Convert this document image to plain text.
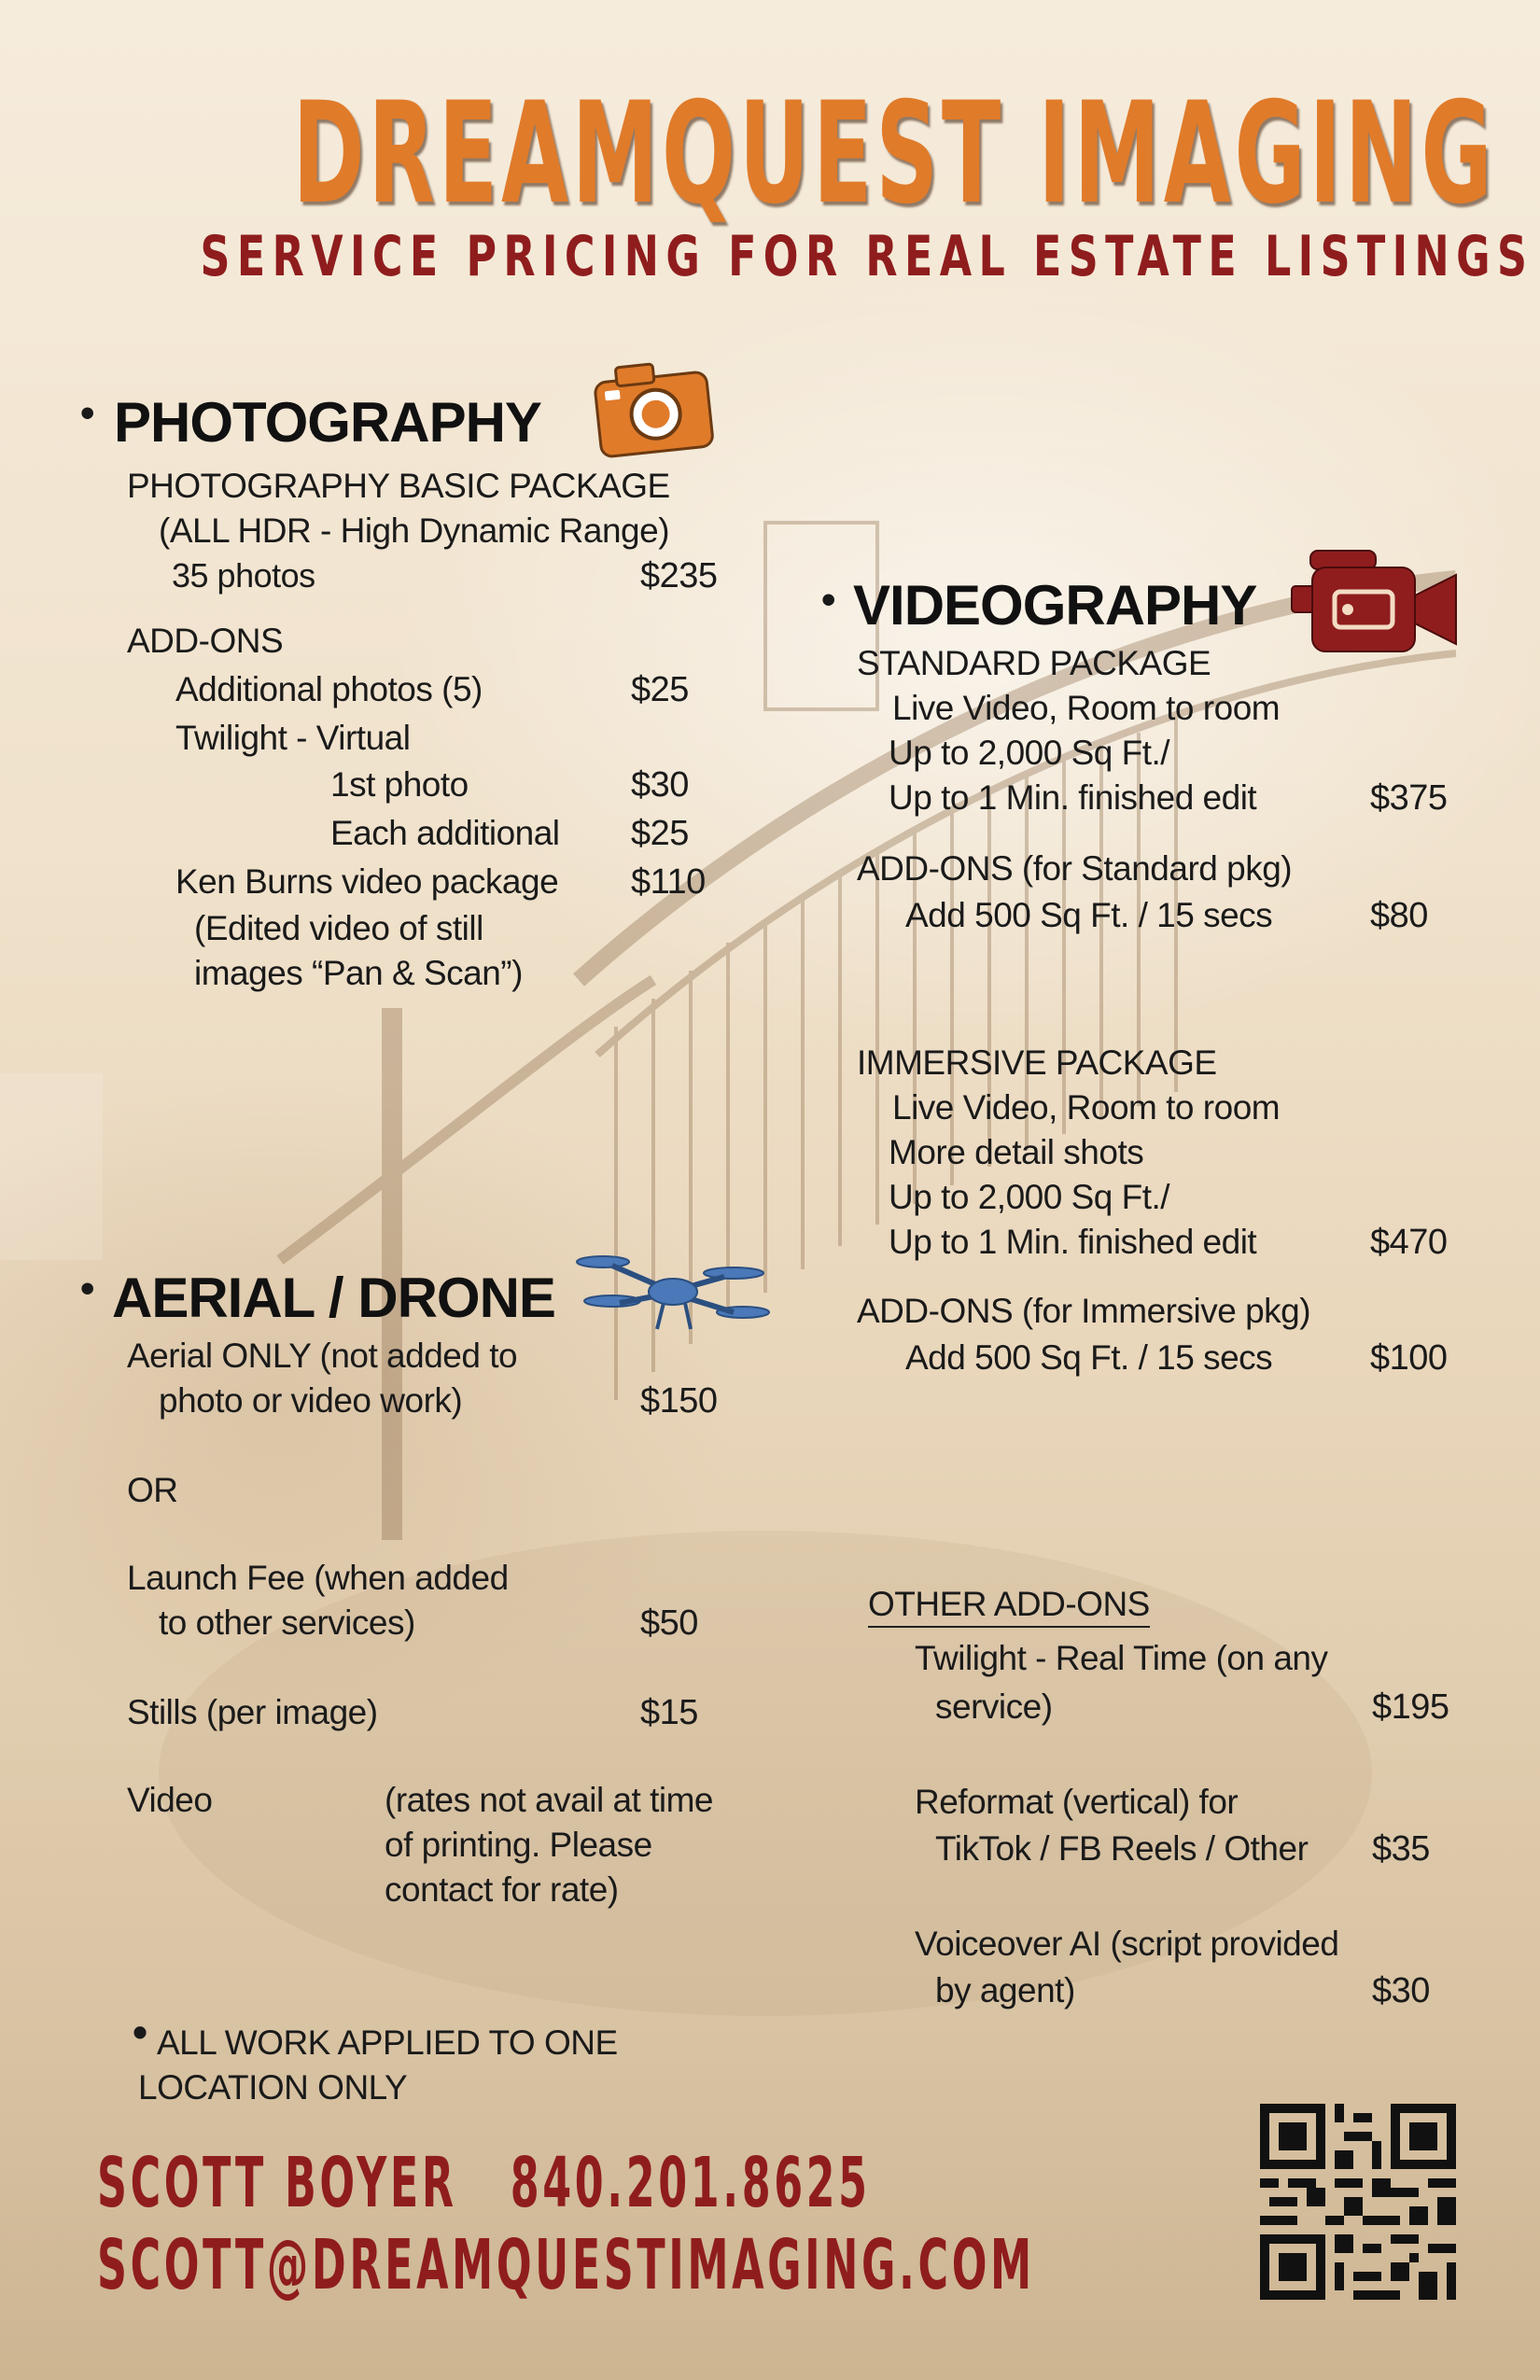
DREAMQUEST IMAGING
SERVICE PRICING FOR REAL ESTATE LISTINGS
• PHOTOGRAPHY
PHOTOGRAPHY BASIC PACKAGE
(ALL HDR - High Dynamic Range)
35 photos	$235
ADD-ONS
Additional photos (5)	$25
Twilight - Virtual
1st photo	$30
Each additional $25
Ken Burns video package $110
(Edited video of still
images “Pan & Scan”)
• AERIAL / DRONE
Aerial ONLY (not added to
photo or video work)	$150
OR
Launch Fee (when added
to other services)	$50
Stills (per image)	$15
Video	(rates not avail at time
of printing. Please
contact for rate)
• ALL WORK APPLIED TO ONE
LOCATION ONLY
• VIDEOGRAPHY
STANDARD PACKAGE
Live Video, Room to room
Up to 2,000 Sq Ft./
Up to 1 Min. finished edit	$375
ADD-ONS (for Standard pkg)
Add 500 Sq Ft. / 15 secs	$80
IMMERSIVE PACKAGE
Live Video, Room to room
More detail shots
Up to 2,000 Sq Ft./
Up to 1 Min. finished edit	$470
ADD-ONS (for Immersive pkg)
Add 500 Sq Ft. / 15 secs	$100
OTHER ADD-ONS
Twilight - Real Time (on any
service)	$195
Reformat (vertical) for
TikTok / FB Reels / Other $35
Voiceover AI (script provided
by agent)	$30
SCOTT BOYER   840.201.8625
SCOTT@DREAMQUESTIMAGING.COM
